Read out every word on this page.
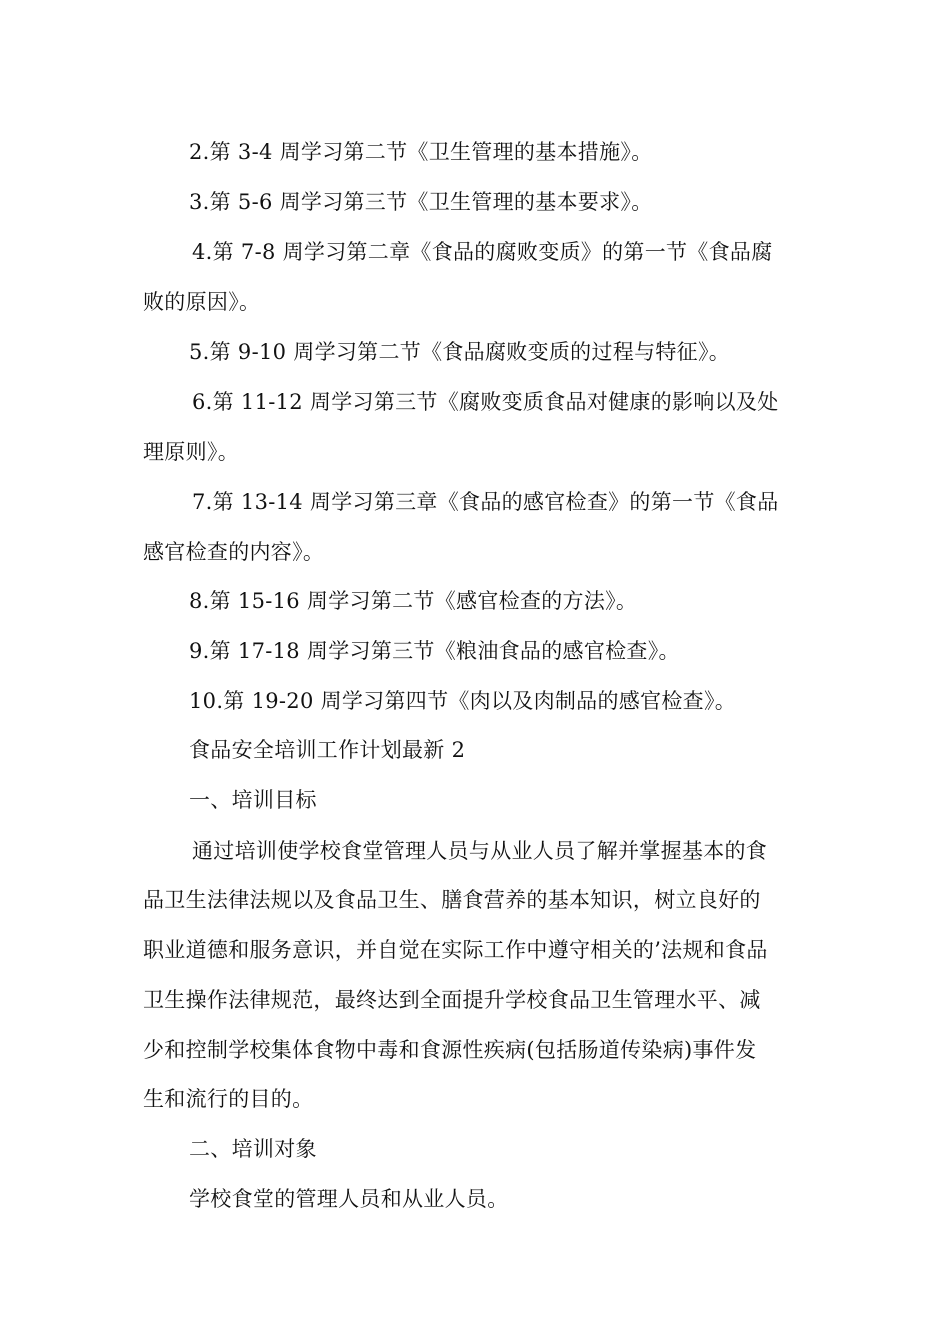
2.第 3-4 周学习第二节《卫生管理的基本措施》。
3.第 5-6 周学习第三节《卫生管理的基本要求》。
4.第 7-8 周学习第二章《食品的腐败变质》的第一节《食品腐
败的原因》。
5.第 9-10 周学习第二节《食品腐败变质的过程与特征》。
6.第 11-12 周学习第三节《腐败变质食品对健康的影响以及处
理原则》。
7.第 13-14 周学习第三章《食品的感官检查》的第一节《食品
感官检查的内容》。
8.第 15-16 周学习第二节《感官检查的方法》。
9.第 17-18 周学习第三节《粮油食品的感官检查》。
10.第 19-20 周学习第四节《肉以及肉制品的感官检查》。
食品安全培训工作计划最新 2
一、培训目标
通过培训使学校食堂管理人员与从业人员了解并掌握基本的食
品卫生法律法规以及食品卫生、膳食营养的基本知识，树立良好的
职业道德和服务意识，并自觉在实际工作中遵守相关的’法规和食品
卫生操作法律规范，最终达到全面提升学校食品卫生管理水平、减
少和控制学校集体食物中毒和食源性疾病(包括肠道传染病)事件发
生和流行的目的。
二、培训对象
学校食堂的管理人员和从业人员。
